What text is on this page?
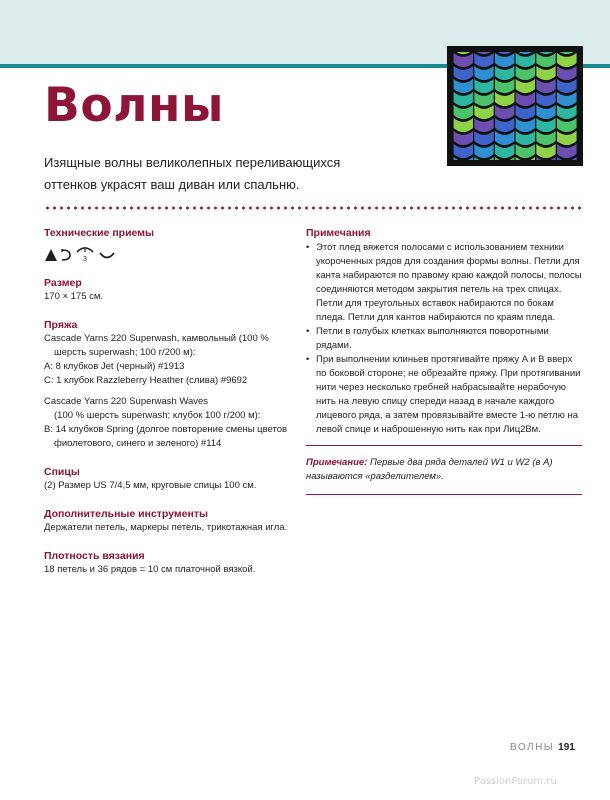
Волны

Изящные волны великолепных переливающихся оттенков украсят ваш диван или спальню.

Технические приемы
3
Размер
170 × 175 см.
Пряжа
Cascade Yarns 220 Superwash, камвольный (100 % шерсть superwash; 100 г/200 м):
A: 8 клубков Jet (черный) #1913
C: 1 клубок Razzleberry Heather (слива) #9692
Cascade Yarns 220 Superwash Waves
(100 % шерсть superwash; клубок 100 г/200 м):
B: 14 клубков Spring (долгое повторение смены цветов фиолетового, синего и зеленого) #114
Спицы
(2) Размер US 7/4,5 мм, круговые спицы 100 см.
Дополнительные инструменты
Держатели петель, маркеры петель, трикотажная игла.
Плотность вязания
18 петель и 36 рядов = 10 см платочной вязкой.
Примечания
• Этот плед вяжется полосами с использованием техники укороченных рядов для создания формы волны. Петли для канта набираются по правому краю каждой полосы, полосы соединяются методом закрытия петель на трех спицах. Петли для треугольных вставок набираются по бокам пледа. Петли для кантов набираются по краям пледа.
• Петли в голубых клетках выполняются поворотными рядами.
• При выполнении клиньев протягивайте пряжу A и B вверх по боковой стороне; не обрезайте пряжу. При протягивании нити через несколько гребней набрасывайте нерабочую нить на левую спицу спереди назад в начале каждого лицевого ряда, а затем провязывайте вместе 1-ю петлю на левой спице и наброшенную нить как при Лиц2Вм.
Примечание: Первые два ряда деталей W1 и W2 (в A) называются «разделителем».
ВОЛНЫ 191
PassionForum.ru
